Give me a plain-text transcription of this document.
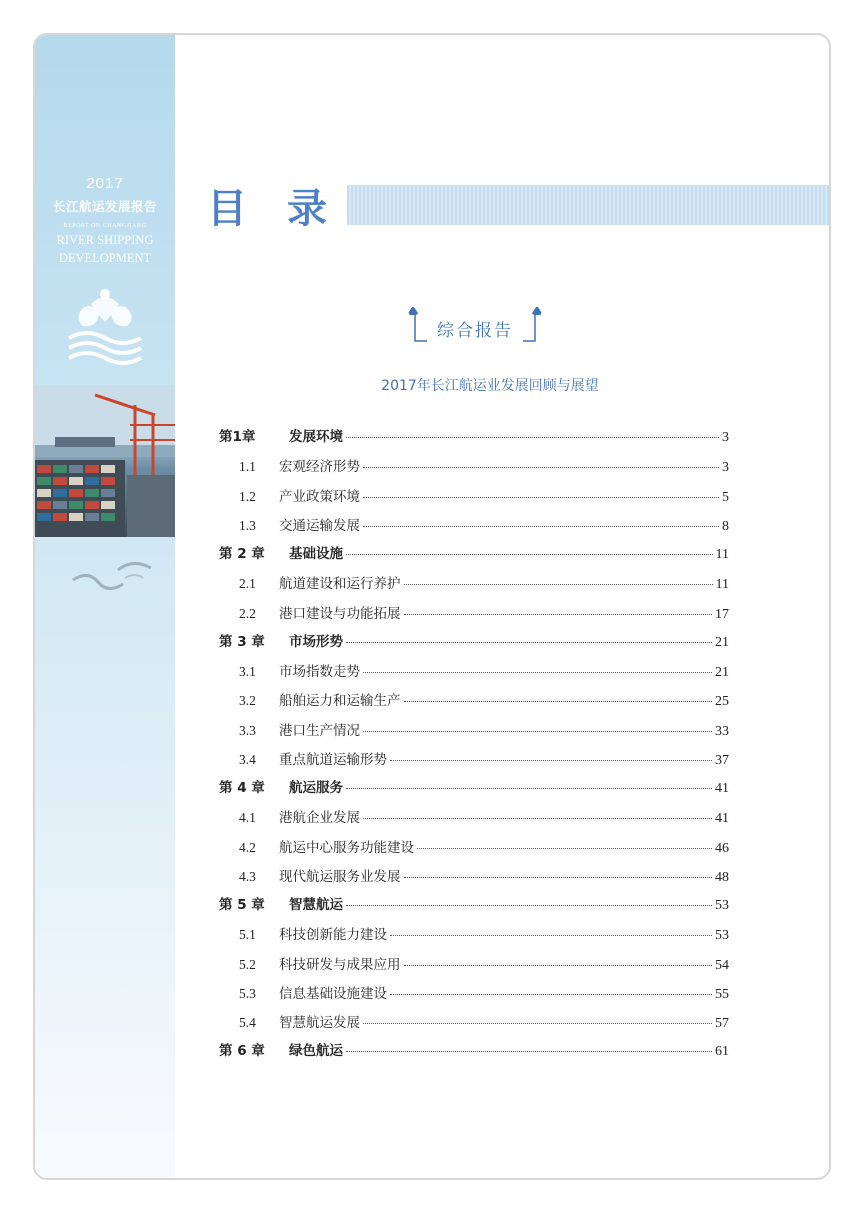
2017
长江航运发展报告
REPORT ON CHANGJIANG
RIVER SHIPPING
DEVELOPMENT
目录
综合报告
2017年长江航运业发展回顾与展望
第1章	发展环境	3
1.1	宏观经济形势	3
1.2	产业政策环境	5
1.3	交通运输发展	8
第 2 章	基础设施	11
2.1	航道建设和运行养护	11
2.2	港口建设与功能拓展	17
第 3 章	市场形势	21
3.1	市场指数走势	21
3.2	船舶运力和运输生产	25
3.3	港口生产情况	33
3.4	重点航道运输形势	37
第 4 章	航运服务	41
4.1	港航企业发展	41
4.2	航运中心服务功能建设	46
4.3	现代航运服务业发展	48
第 5 章	智慧航运	53
5.1	科技创新能力建设	53
5.2	科技研发与成果应用	54
5.3	信息基础设施建设	55
5.4	智慧航运发展	57
第 6 章	绿色航运	61
